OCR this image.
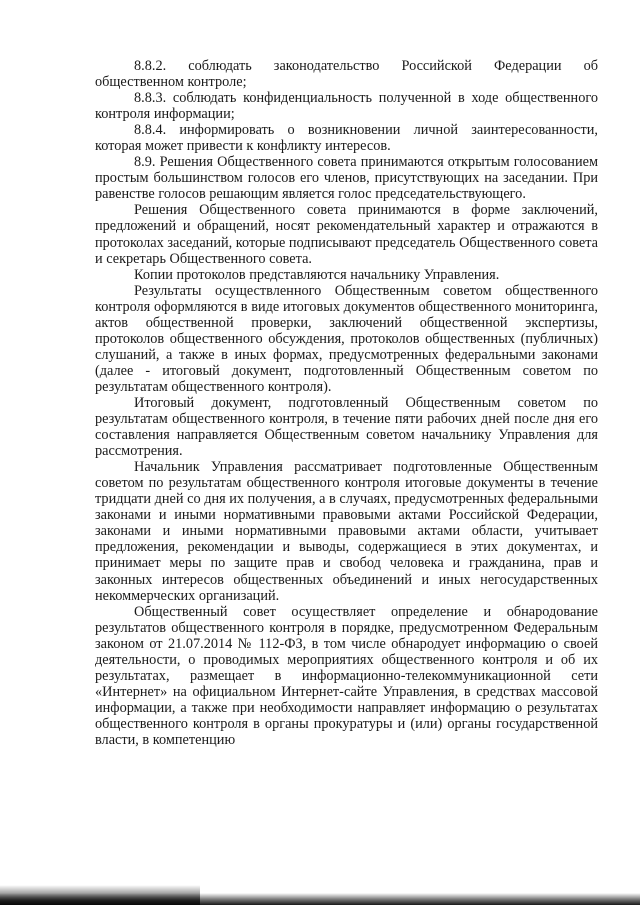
8.8.2. соблюдать законодательство Российской Федерации об общественном контроле;

8.8.3. соблюдать конфиденциальность полученной в ходе общественного контроля информации;

8.8.4. информировать о возникновении личной заинтересованности, которая может привести к конфликту интересов.

8.9. Решения Общественного совета принимаются открытым голосованием простым большинством голосов его членов, присутствующих на заседании. При равенстве голосов решающим является голос председательствующего.

Решения Общественного совета принимаются в форме заключений, предложений и обращений, носят рекомендательный характер и отражаются в протоколах заседаний, которые подписывают председатель Общественного совета и секретарь Общественного совета.

Копии протоколов представляются начальнику Управления.

Результаты осуществленного Общественным советом общественного контроля оформляются в виде итоговых документов общественного мониторинга, актов общественной проверки, заключений общественной экспертизы, протоколов общественного обсуждения, протоколов общественных (публичных) слушаний, а также в иных формах, предусмотренных федеральными законами (далее - итоговый документ, подготовленный Общественным советом по результатам общественного контроля).

Итоговый документ, подготовленный Общественным советом по результатам общественного контроля, в течение пяти рабочих дней после дня его составления направляется Общественным советом начальнику Управления для рассмотрения.

Начальник Управления рассматривает подготовленные Общественным советом по результатам общественного контроля итоговые документы в течение тридцати дней со дня их получения, а в случаях, предусмотренных федеральными законами и иными нормативными правовыми актами Российской Федерации, законами и иными нормативными правовыми актами области, учитывает предложения, рекомендации и выводы, содержащиеся в этих документах, и принимает меры по защите прав и свобод человека и гражданина, прав и законных интересов общественных объединений и иных негосударственных некоммерческих организаций.

Общественный совет осуществляет определение и обнародование результатов общественного контроля в порядке, предусмотренном Федеральным законом от 21.07.2014 № 112-ФЗ, в том числе обнародует информацию о своей деятельности, о проводимых мероприятиях общественного контроля и об их результатах, размещает в информационно-телекоммуникационной сети «Интернет» на официальном Интернет-сайте Управления, в средствах массовой информации, а также при необходимости направляет информацию о результатах общественного контроля в органы прокуратуры и (или) органы государственной власти, в компетенцию
